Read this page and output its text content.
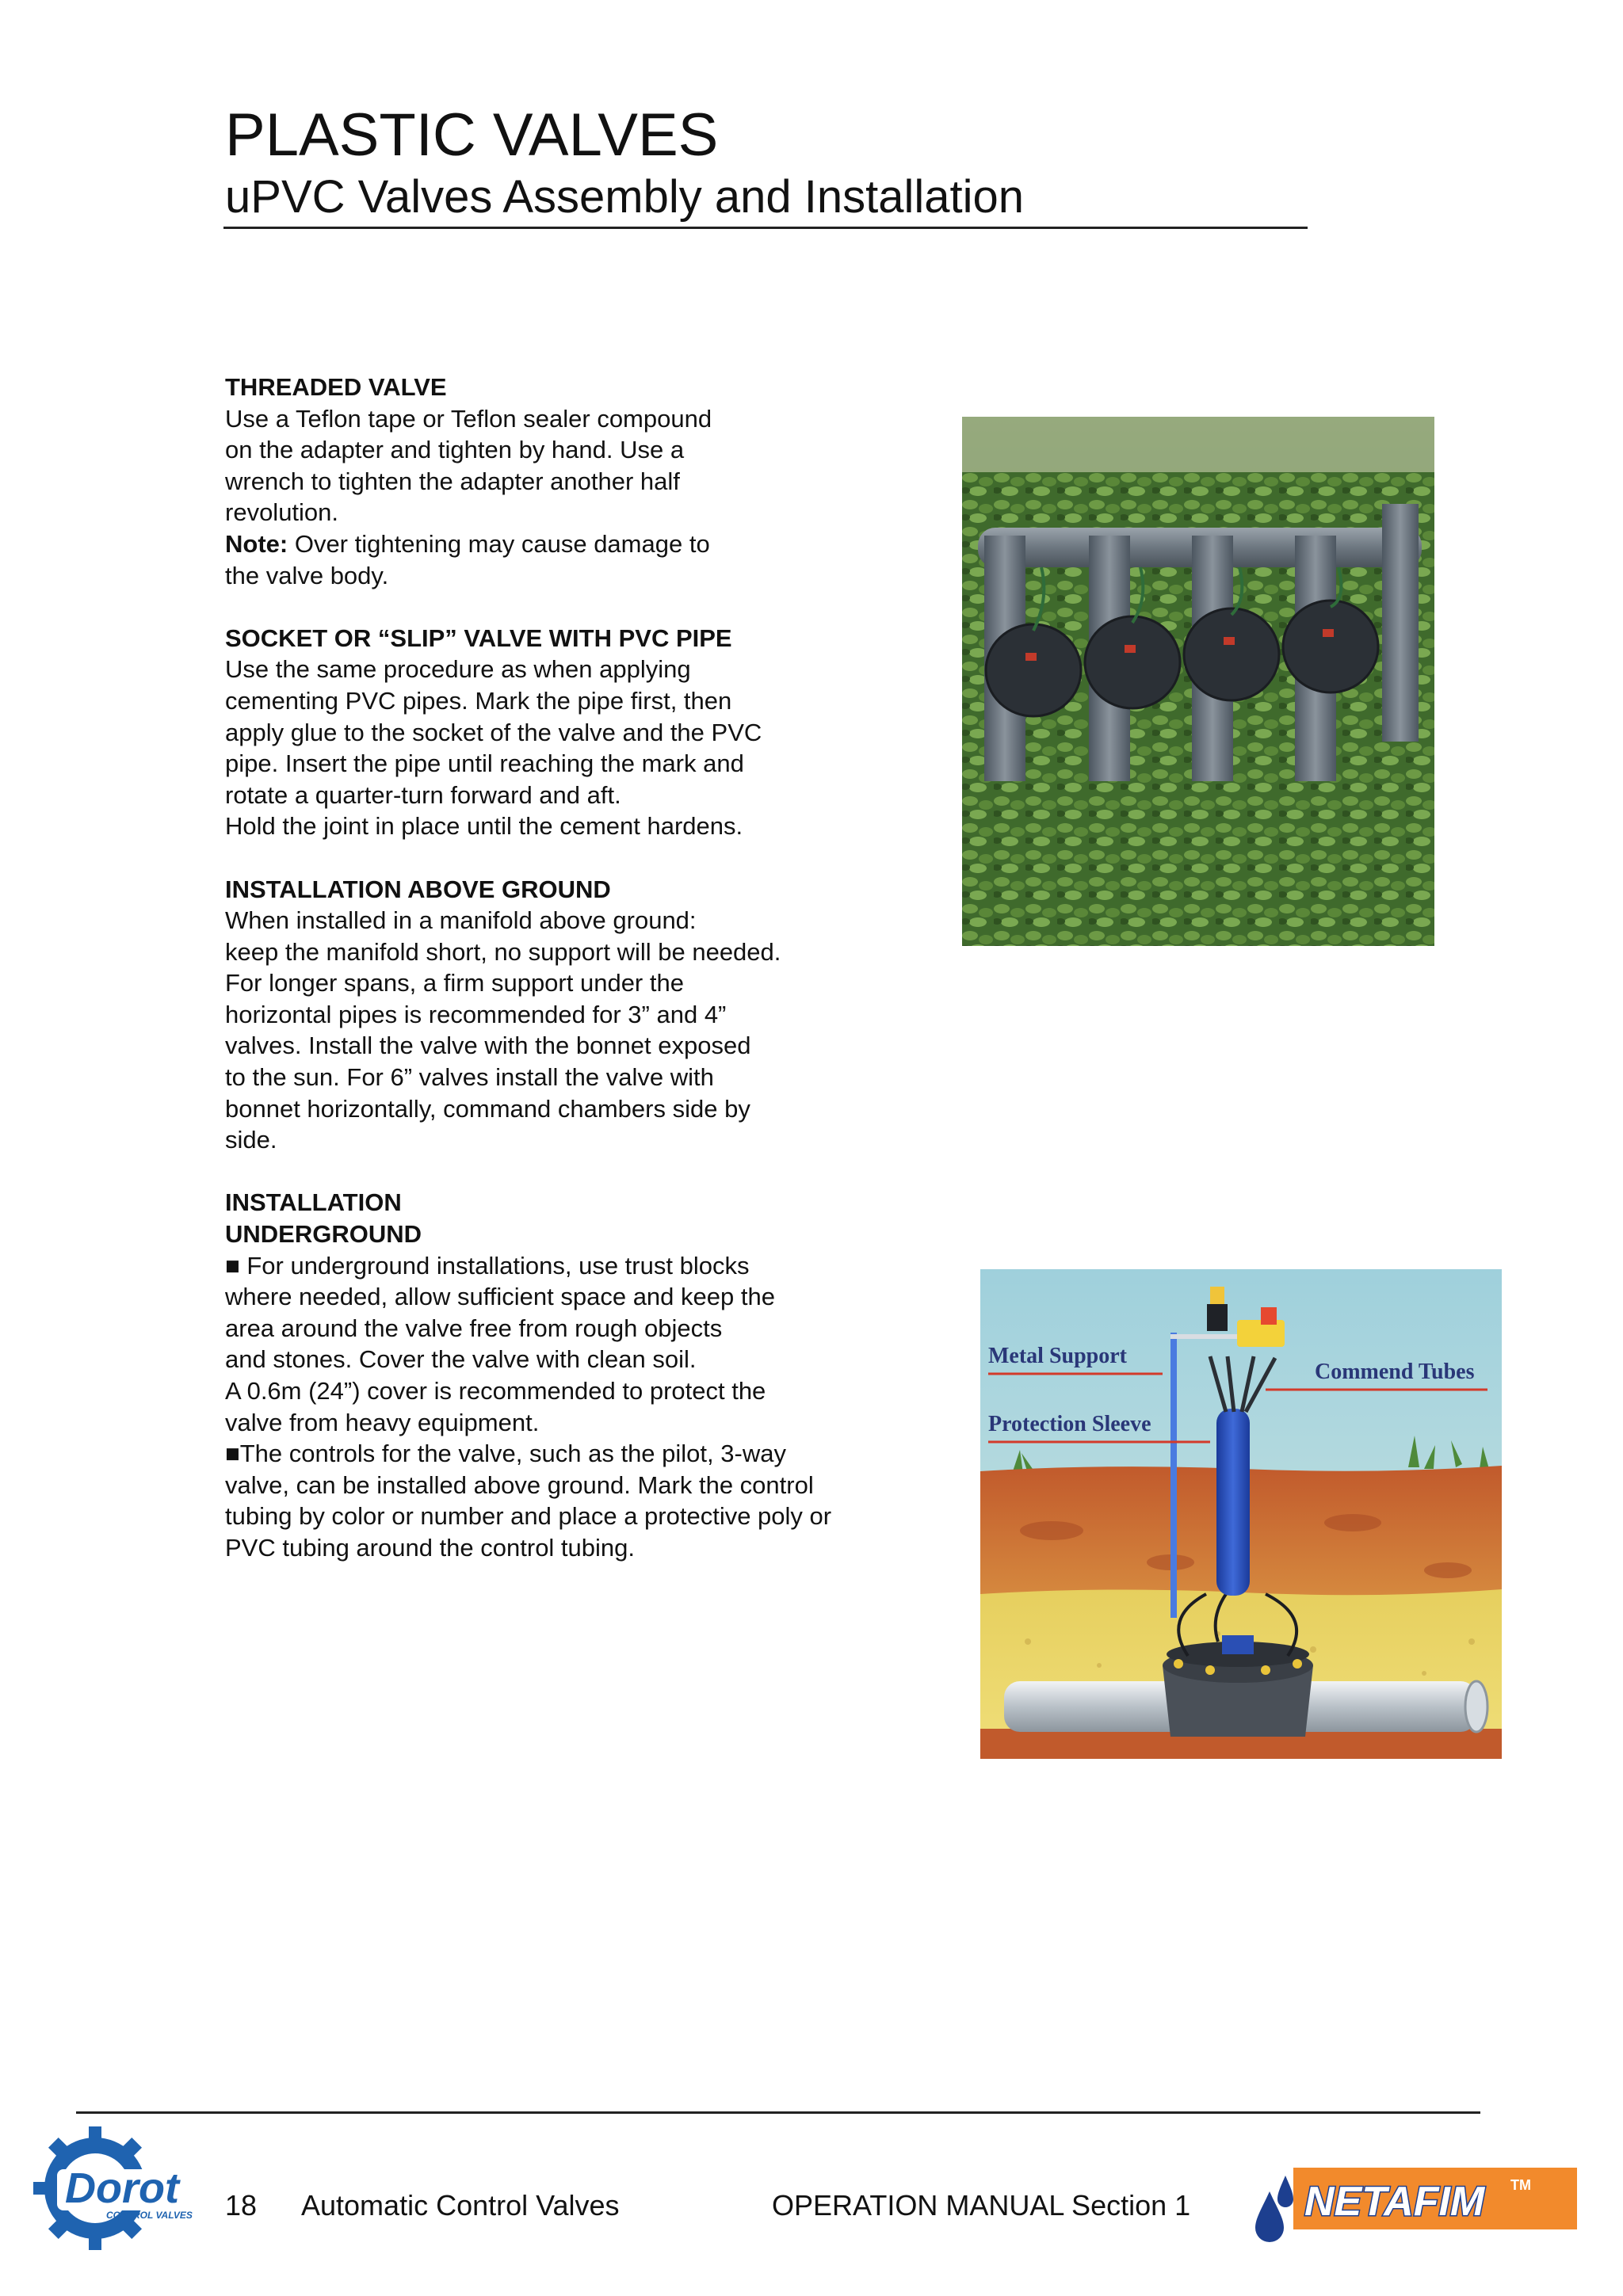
PLASTIC VALVES
uPVC Valves Assembly and Installation
THREADED VALVE

Use a Teflon tape or Teflon sealer compound
on the adapter and tighten by hand. Use a
wrench to tighten the adapter another half
revolution.

Note: Over tightening may cause damage to
the valve body.

SOCKET OR “SLIP” VALVE WITH PVC PIPE

Use the same procedure as when applying
cementing PVC pipes. Mark the pipe first, then
apply glue to the socket of the valve and the PVC
pipe. Insert the pipe until reaching the mark and
rotate a quarter-turn forward and aft.
Hold the joint in place until the cement hardens.

INSTALLATION ABOVE GROUND

When installed in a manifold above ground:
keep the manifold short, no support will be needed.
For longer spans, a firm support under the
horizontal pipes is recommended for 3” and 4”
valves. Install the valve with the bonnet exposed
to the sun. For 6” valves install the valve with
bonnet horizontally, command chambers side by
side.

INSTALLATION
UNDERGROUND

■ For underground installations, use trust blocks
where needed, allow sufficient space and keep the
area around the valve free from rough objects
and stones. Cover the valve with clean soil.
A 0.6m (24”) cover is recommended to protect the
valve from heavy equipment.
■The controls for the valve, such as the pilot, 3-way
valve, can be installed above ground. Mark the control
tubing by color or number and place a protective poly or
PVC tubing around the control tubing.

Metal Support
Commend Tubes
Protection Sleeve
Dorot
CONTROL VALVES 18 Automatic Control Valves	OPERATION MANUAL Section 1	NETAFIM TM
